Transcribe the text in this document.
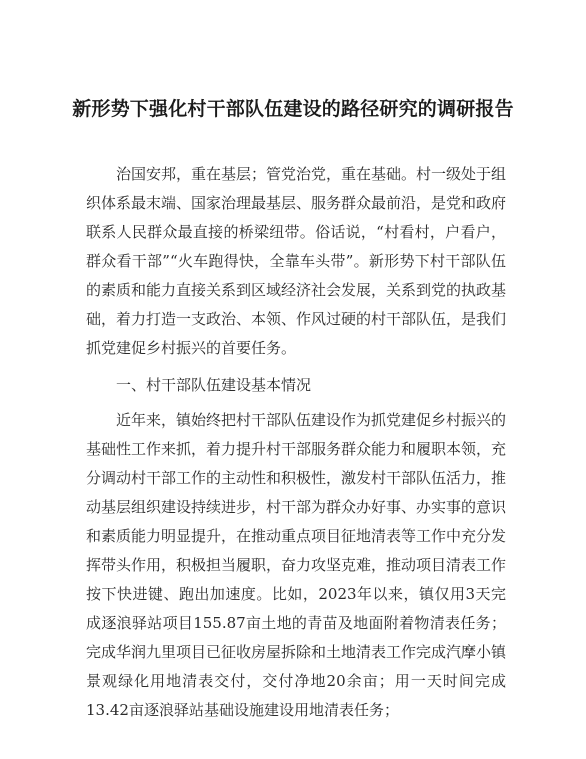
新形势下强化村干部队伍建设的路径研究的调研报告

治国安邦，重在基层；管党治党，重在基础。村一级处于组织体系最末端、国家治理最基层、服务群众最前沿，是党和政府联系人民群众最直接的桥梁纽带。俗话说，“村看村，户看户，群众看干部”“火车跑得快，全靠车头带”。新形势下村干部队伍的素质和能力直接关系到区域经济社会发展，关系到党的执政基础，着力打造一支政治、本领、作风过硬的村干部队伍，是我们抓党建促乡村振兴的首要任务。

一、村干部队伍建设基本情况

近年来，镇始终把村干部队伍建设作为抓党建促乡村振兴的基础性工作来抓，着力提升村干部服务群众能力和履职本领，充分调动村干部工作的主动性和积极性，激发村干部队伍活力，推动基层组织建设持续进步，村干部为群众办好事、办实事的意识和素质能力明显提升，在推动重点项目征地清表等工作中充分发挥带头作用，积极担当履职，奋力攻坚克难，推动项目清表工作按下快进键、跑出加速度。比如，2023年以来，镇仅用3天完成逐浪驿站项目155.87亩土地的青苗及地面附着物清表任务；完成华润九里项目已征收房屋拆除和土地清表工作完成汽摩小镇景观绿化用地清表交付，交付净地20余亩；用一天时间完成13.42亩逐浪驿站基础设施建设用地清表任务；
